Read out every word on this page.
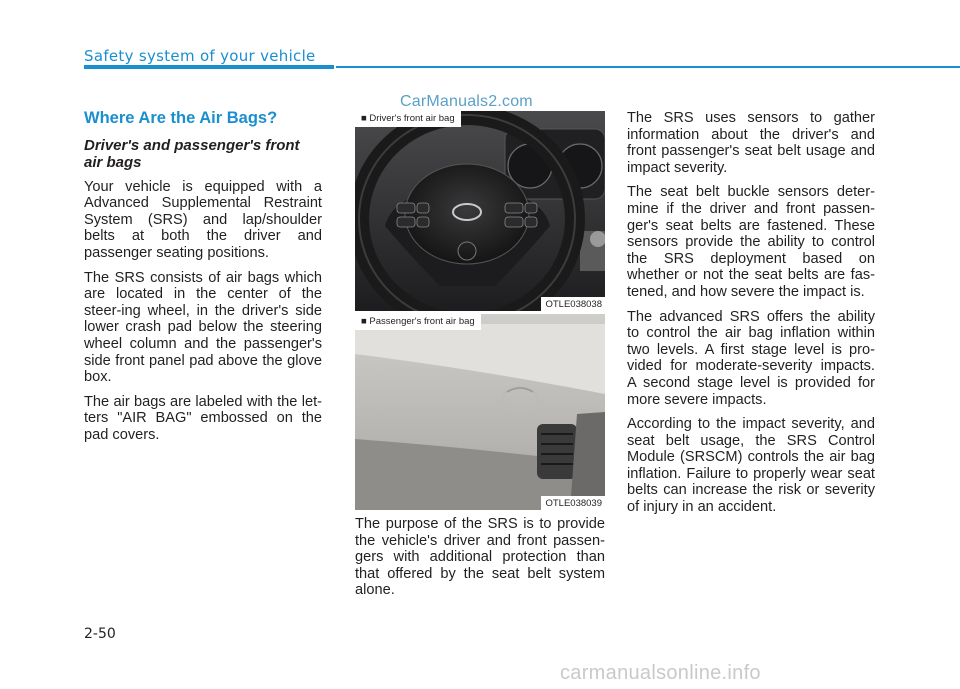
Safety system of your vehicle
CarManuals2.com
Where Are the Air Bags?
Driver's and passenger's front air bags

Your vehicle is equipped with a Advanced Supplemental Restraint System (SRS) and lap/shoulder belts at both the driver and passenger seating positions.

The SRS consists of air bags which are located in the center of the steer-ing wheel, in the driver's side lower crash pad below the steering wheel column and the passenger's side front panel pad above the glove box.

The air bags are labeled with the let-ters "AIR BAG" embossed on the pad covers.

■ Driver's front air bag
OTLE038038
■ Passenger's front air bag
OTLE038039
The purpose of the SRS is to provide the vehicle's driver and front passen-gers with additional protection than that offered by the seat belt system alone.

The SRS uses sensors to gather information about the driver's and front passenger's seat belt usage and impact severity.

The seat belt buckle sensors deter-mine if the driver and front passen-ger's seat belts are fastened. These sensors provide the ability to control the SRS deployment based on whether or not the seat belts are fas-tened, and how severe the impact is.

The advanced SRS offers the ability to control the air bag inflation within two levels. A first stage level is pro-vided for moderate-severity impacts. A second stage level is provided for more severe impacts.

According to the impact severity, and seat belt usage, the SRS Control Module (SRSCM) controls the air bag inflation. Failure to properly wear seat belts can increase the risk or severity of injury in an accident.

2-50
carmanualsonline.info
